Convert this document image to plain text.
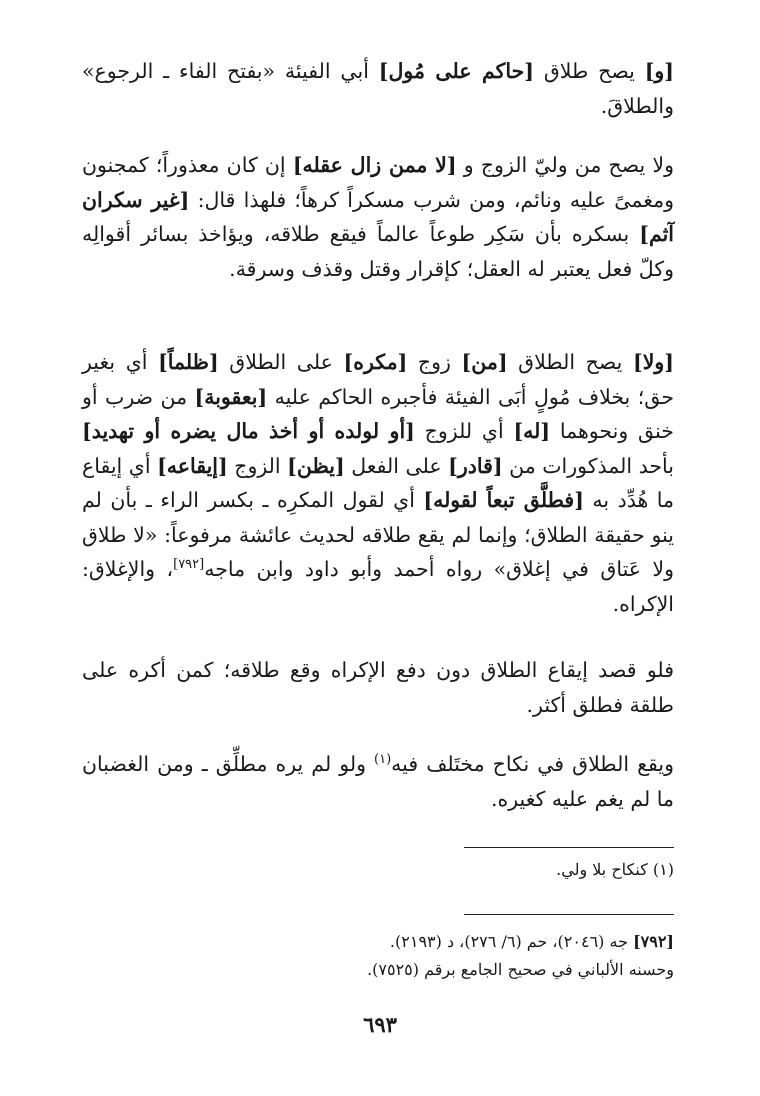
[و] يصح طلاق [حاكم على مُول] أبي الفيئة «بفتح الفاء ـ الرجوع» والطلاقَ.

ولا يصح من وليّ الزوج و [لا ممن زال عقله] إن كان معذوراً؛ كمجنون ومغمىً عليه ونائم، ومن شرب مسكراً كرهاً؛ فلهذا قال: [غير سكران آثم] بسكره بأن سَكِر طوعاً عالماً فيقع طلاقه، ويؤاخذ بسائر أقوالِه وكلّ فعل يعتبر له العقل؛ كإقرار وقتل وقذف وسرقة.

[ولا] يصح الطلاق [من] زوج [مكره] على الطلاق [ظلماً] أي بغير حق؛ بخلاف مُولٍ أبَى الفيئة فأجبره الحاكم عليه [بعقوبة] من ضرب أو خنق ونحوهما [له] أي للزوج [أو لولده أو أخذ مال يضره أو تهديد] بأحد المذكورات من [قادر] على الفعل [يظن] الزوج [إيقاعه] أي إيقاع ما هُدِّد به [فطلَّق تبعاً لقوله] أي لقول المكرِه ـ بكسر الراء ـ بأن لم ينو حقيقة الطلاق؛ وإنما لم يقع طلاقه لحديث عائشة مرفوعاً: «لا طلاق ولا عَتاق في إغلاق» رواه أحمد وأبو داود وابن ماجه[٧٩٢]، والإغلاق: الإكراه.

فلو قصد إيقاع الطلاق دون دفع الإكراه وقع طلاقه؛ كمن أكره على طلقة فطلق أكثر.

ويقع الطلاق في نكاح مختَلف فيه$^{(١)}$ ولو لم يره مطلِّق ـ ومن الغضبان ما لم يغم عليه كغيره.

(١) كنكاح بلا ولي.

[٧٩٢] جه (٢٠٤٦)، حم (٦/ ٢٧٦)، د (٢١٩٣).

وحسنه الألباني في صحيح الجامع برقم (٧٥٢٥).

٦٩٣
